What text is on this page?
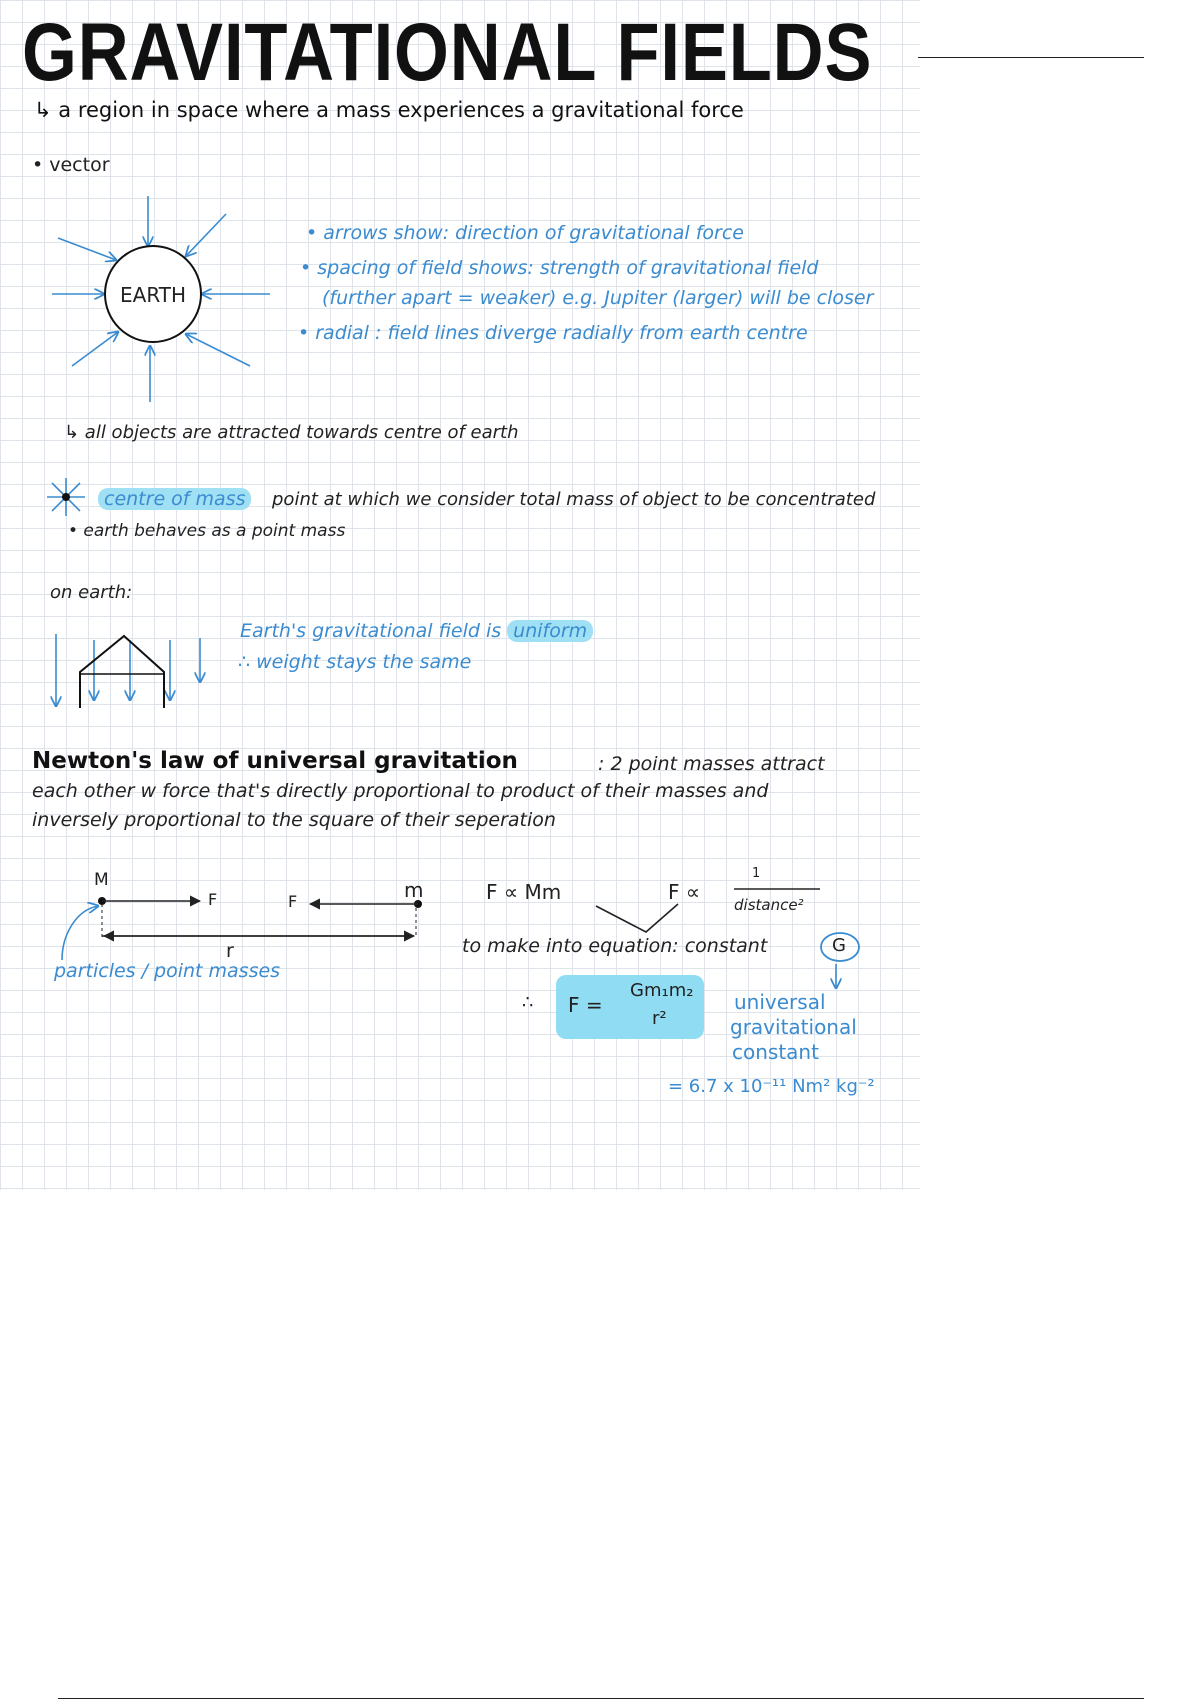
GRAVITATIONAL FIELDS
↳ a region in space where a mass experiences a gravitational force
• vector
EARTH
• arrows show: direction of gravitational force
• spacing of field shows: strength of gravitational field
(further apart = weaker) e.g. Jupiter (larger) will be closer
• radial : field lines diverge radially from earth centre
↳ all objects are attracted towards centre of earth
centre of mass	point at which we consider total mass of object to be concentrated
• earth behaves as a point mass
on earth:
Earth's gravitational field is uniform
∴ weight stays the same
Newton's law of universal gravitation	: 2 point masses attract
each other w force that's directly proportional to product of their masses and
inversely proportional to the square of their seperation
M	m
F	F
r
particles / point masses
F ∝ Mm	F ∝
1
distance²
to make into equation: constant	G
∴ F =
Gm₁m₂
r²
universal
gravitational
constant
= 6.7 x 10⁻¹¹ Nm² kg⁻²
